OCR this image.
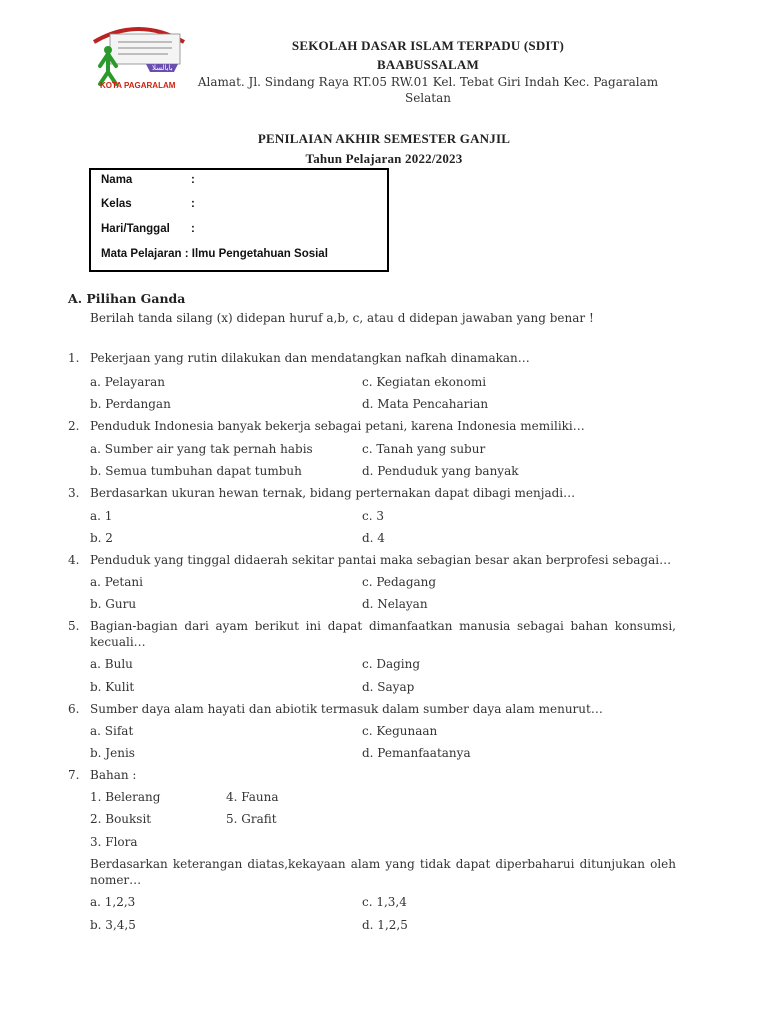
بابالسلا
KOTA PAGARALAM
SEKOLAH DASAR ISLAM TERPADU (SDIT)
BAABUSSALAM
Alamat. Jl. Sindang Raya RT.05 RW.01 Kel. Tebat Giri Indah Kec. Pagaralam
Selatan
PENILAIAN AKHIR SEMESTER GANJIL
Tahun Pelajaran 2022/2023
Nama	:
Kelas	:
Hari/Tanggal :
Mata Pelajaran : Ilmu Pengetahuan Sosial
A. Pilihan Ganda
Berilah tanda silang (x) didepan huruf a,b, c, atau d didepan jawaban yang benar !
1. Pekerjaan yang rutin dilakukan dan mendatangkan nafkah dinamakan…
a. Pelayaran	c. Kegiatan ekonomi
b. Perdangan	d. Mata Pencaharian
2. Penduduk Indonesia banyak bekerja sebagai petani, karena Indonesia memiliki…
a. Sumber air yang tak pernah habis	c. Tanah yang subur
b. Semua tumbuhan dapat tumbuh	d. Penduduk yang banyak
3. Berdasarkan ukuran hewan ternak, bidang perternakan dapat dibagi menjadi…
a. 1	c. 3
b. 2	d. 4
4. Penduduk yang tinggal didaerah sekitar pantai maka sebagian besar akan berprofesi sebagai…
a. Petani	c. Pedagang
b. Guru	d. Nelayan
5. Bagian-bagian dari ayam berikut ini dapat dimanfaatkan manusia sebagai bahan konsumsi, kecuali…
a. Bulu	c. Daging
b. Kulit	d. Sayap
6. Sumber daya alam hayati dan abiotik termasuk dalam sumber daya alam menurut…
a. Sifat	c. Kegunaan
b. Jenis	d. Pemanfaatanya
7. Bahan :
1. Belerang	4. Fauna
2. Bouksit	5. Grafit
3. Flora
Berdasarkan keterangan diatas,kekayaan alam yang tidak dapat diperbaharui ditunjukan oleh nomer…
a. 1,2,3	c. 1,3,4
b. 3,4,5	d. 1,2,5
